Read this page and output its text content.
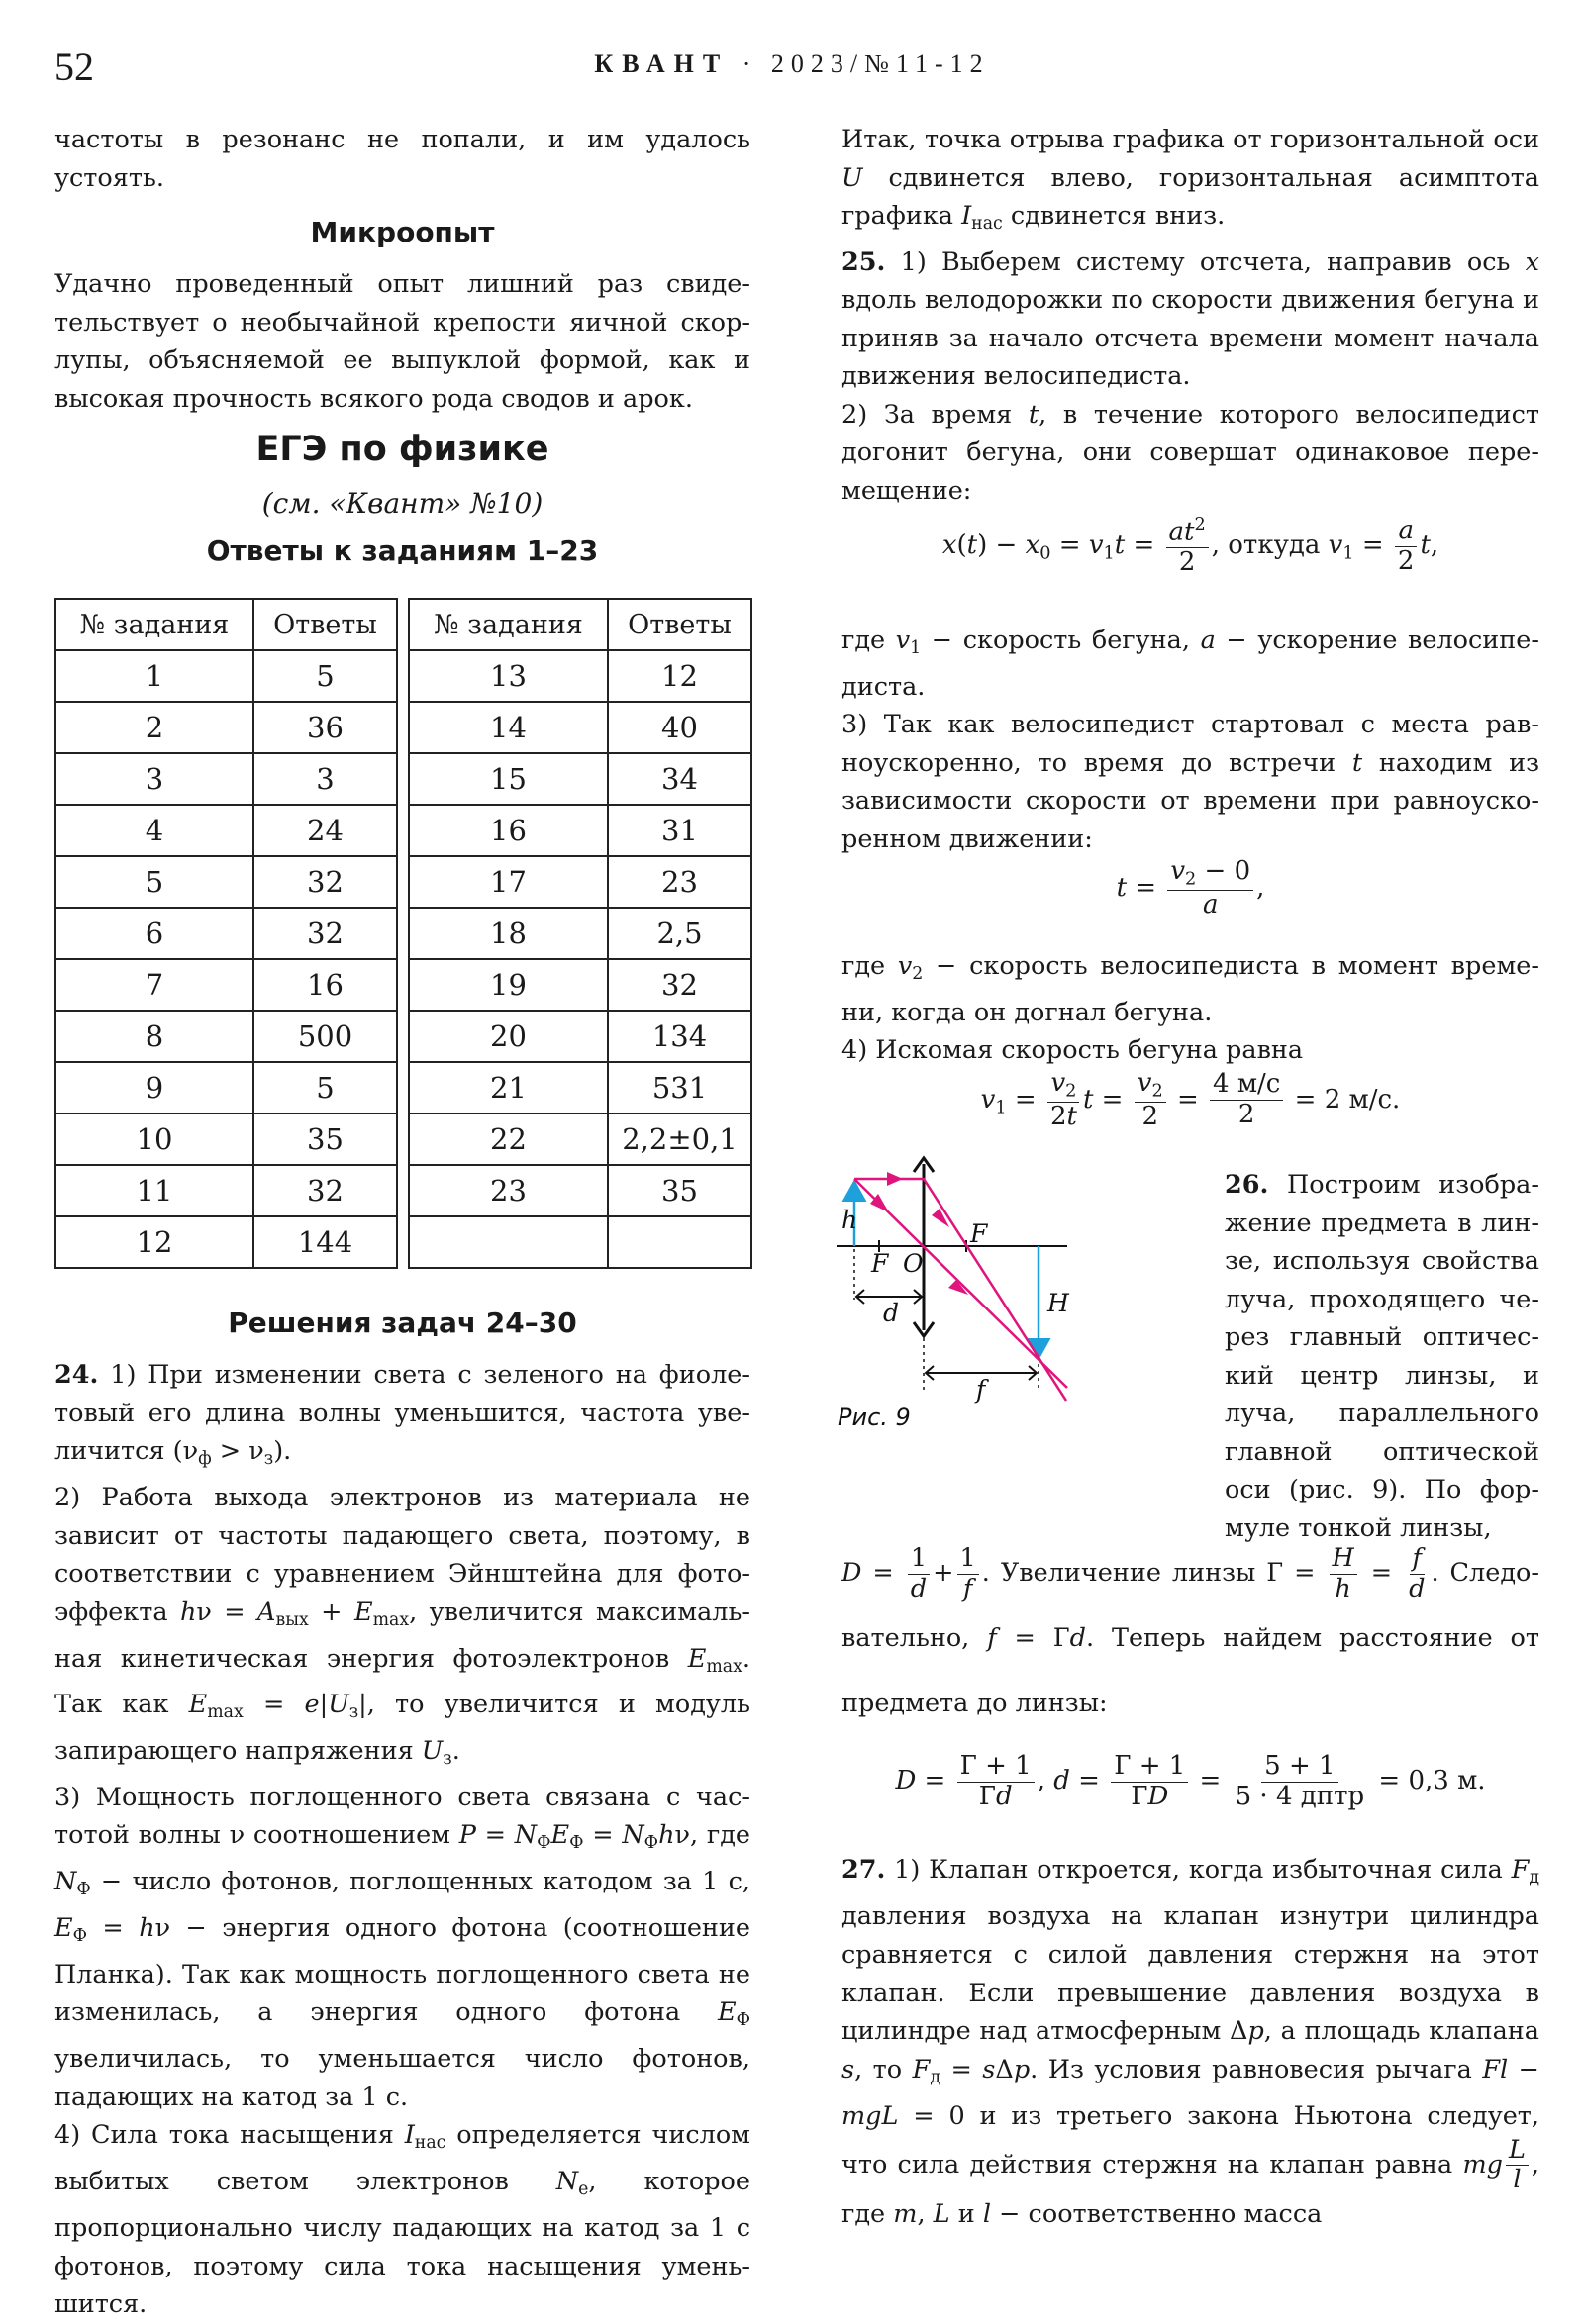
52	КВАНТ · 2023/№11-12

частоты в резонанс не попали, и им удалось устоять.

Микроопыт

Удачно проведенный опыт лишний раз свидетельствует о необычайной крепости яичной скорлупы, объясняемой ее выпуклой формой, как и высокая прочность всякого рода сводов и арок.

ЕГЭ по физике
(см. «Квант» №10)
Ответы к заданиям 1–23
№ задания	Ответы
1	5
2	36
3	3
4	24
5	32
6	32
7	16
8	500
9	5
10	35
11	32
12	144
№ задания	Ответы
13	12
14	40
15	34
16	31
17	23
18	2,5
19	32
20	134
21	531
22	2,2±0,1
23	35

Решения задач 24–30

24. 1) При изменении света с зеленого на фиолетовый его длина волны уменьшится, частота увеличится $(\nu_ф > \nu_з)$.

2) Работа выхода электронов из материала не зависит от частоты падающего света, поэтому, в соответствии с уравнением Эйнштейна для фотоэффекта $h\nu = A_{вых} + E_{max}$, увеличится максимальная кинетическая энергия фотоэлектронов $E_{max}$. Так как $E_{max} = e|U_з|$, то увеличится и модуль запирающего напряжения $U_з$.

3) Мощность поглощенного света связана с частотой волны ν соотношением $P = N_ФE_Ф = N_Фh\nu$, где $N_Ф$ − число фотонов, поглощенных катодом за 1 с, $E_Ф = h\nu$ − энергия одного фотона (соотношение Планка). Так как мощность поглощенного света не изменилась, а энергия одного фотона $E_Ф$ увеличилась, то уменьшается число фотонов, падающих на катод за 1 с.

4) Сила тока насыщения $I_{нас}$ определяется числом выбитых светом электронов $N_e$, которое пропорционально числу падающих на катод за 1 с фотонов, поэтому сила тока насыщения уменьшится.

Итак, точка отрыва графика от горизонтальной оси U сдвинется влево, горизонтальная асимптота графика $I_{нас}$ сдвинется вниз.

25. 1) Выберем систему отсчета, направив ось x вдоль велодорожки по скорости движения бегуна и приняв за начало отсчета времени момент начала движения велосипедиста.

2) За время t, в течение которого велосипедист догонит бегуна, они совершат одинаковое перемещение:

$x(t) - x_0 = v_1t = \frac{at^2}{2}$ , откуда $v_1 = \frac{a}{2} t$,

где $v_1$ − скорость бегуна, a − ускорение велосипедиста.

3) Так как велосипедист стартовал с места равноускоренно, то время до встречи t находим из зависимости скорости от времени при равноускоренном движении:

$t = \frac{v_2 - 0}{a}$ ,

где $v_2$ − скорость велосипедиста в момент времени, когда он догнал бегуна.

4) Искомая скорость бегуна равна

$v_1 = \frac{v_2}{2t}$ $t = \frac{v_2}{2} = \frac{4 м/с}{2} = 2$ м/с.
h	F
F O
H
d
f
Рис. 9

26. Построим изображение предмета в линзе, используя свойства луча, проходящего через главный оптический центр линзы, и луча, параллельного главной оптической оси (рис. 9). По формуле тонкой линзы,

$D = \frac{1}{d} + \frac{1}{f}$ . Увеличение линзы $Г = \frac{H}{h} = \frac{f}{d}$ . Следовательно, f = Гd. Теперь найдем расстояние от предмета до линзы:

$D = \frac{Г + 1}{Гd}$ , $d = \frac{Г + 1}{ГD} = \frac{5 + 1}{\text{5 · 4 дптр}} = 0,3$ м.

27. 1) Клапан откроется, когда избыточная сила $F_д$ давления воздуха на клапан изнутри цилиндра сравняется с силой давления стержня на этот клапан. Если превышение давления воздуха в цилиндре над атмосферным Δp, а площадь клапана s, то $F_д = s\Delta p$. Из условия равновесия рычага Fl − mgL = 0 и из третьего закона Ньютона следует, что сила действия стержня на клапан равна mg $\frac{L}{l}$ , где m, L и l − соответственно масса
